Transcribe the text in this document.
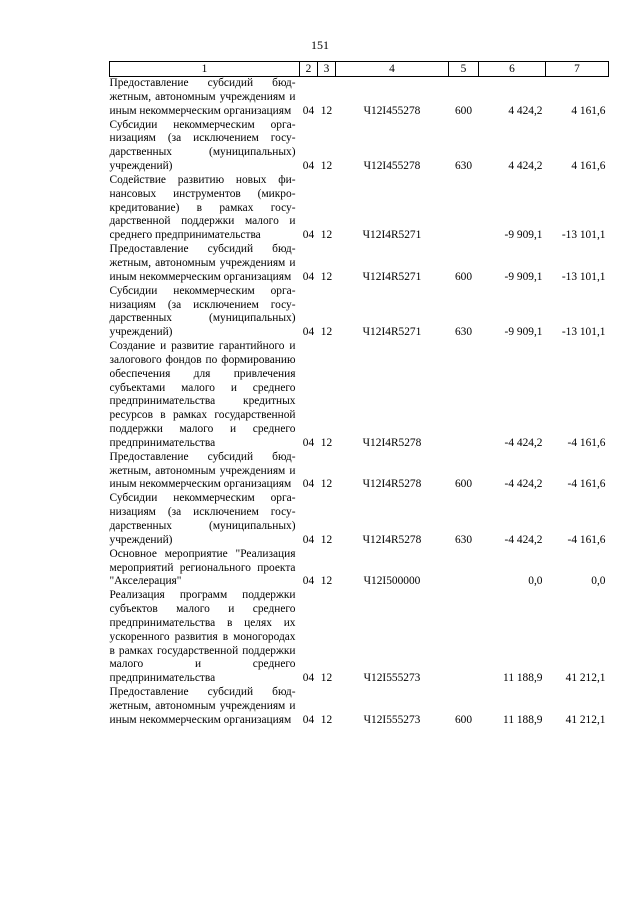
151
1	2	3	4	5	6	7
Предоставление субсидий бюджетным, автономным учреждениям и иным некоммерческим организациям	04	12	Ч12I455278	600	4 424,2	4 161,6
Субсидии некоммерческим организациям (за исключением государственных (муниципальных) учреждений)	04	12	Ч12I455278	630	4 424,2	4 161,6
Содействие развитию новых финансовых инструментов (микрокредитование) в рамках государственной поддержки малого и среднего предпринимательства	04	12	Ч12I4R5271		-9 909,1	-13 101,1
Предоставление субсидий бюджетным, автономным учреждениям и иным некоммерческим организациям	04	12	Ч12I4R5271	600	-9 909,1	-13 101,1
Субсидии некоммерческим организациям (за исключением государственных (муниципальных) учреждений)	04	12	Ч12I4R5271	630	-9 909,1	-13 101,1
Создание и развитие гарантийного и залогового фондов по формированию обеспечения для привлечения субъектами малого и среднего предпринимательства кредитных ресурсов в рамках государственной поддержки малого и среднего предпринимательства	04	12	Ч12I4R5278		-4 424,2	-4 161,6
Предоставление субсидий бюджетным, автономным учреждениям и иным некоммерческим организациям	04	12	Ч12I4R5278	600	-4 424,2	-4 161,6
Субсидии некоммерческим организациям (за исключением государственных (муниципальных) учреждений)	04	12	Ч12I4R5278	630	-4 424,2	-4 161,6
Основное мероприятие "Реализация мероприятий регионального проекта "Акселерация"	04	12	Ч12I500000		0,0	0,0
Реализация программ поддержки субъектов малого и среднего предпринимательства в целях их ускоренного развития в моногородах в рамках государственной поддержки малого и среднего предпринимательства	04	12	Ч12I555273		11 188,9	41 212,1
Предоставление субсидий бюджетным, автономным учреждениям и иным некоммерческим организациям	04	12	Ч12I555273	600	11 188,9	41 212,1
